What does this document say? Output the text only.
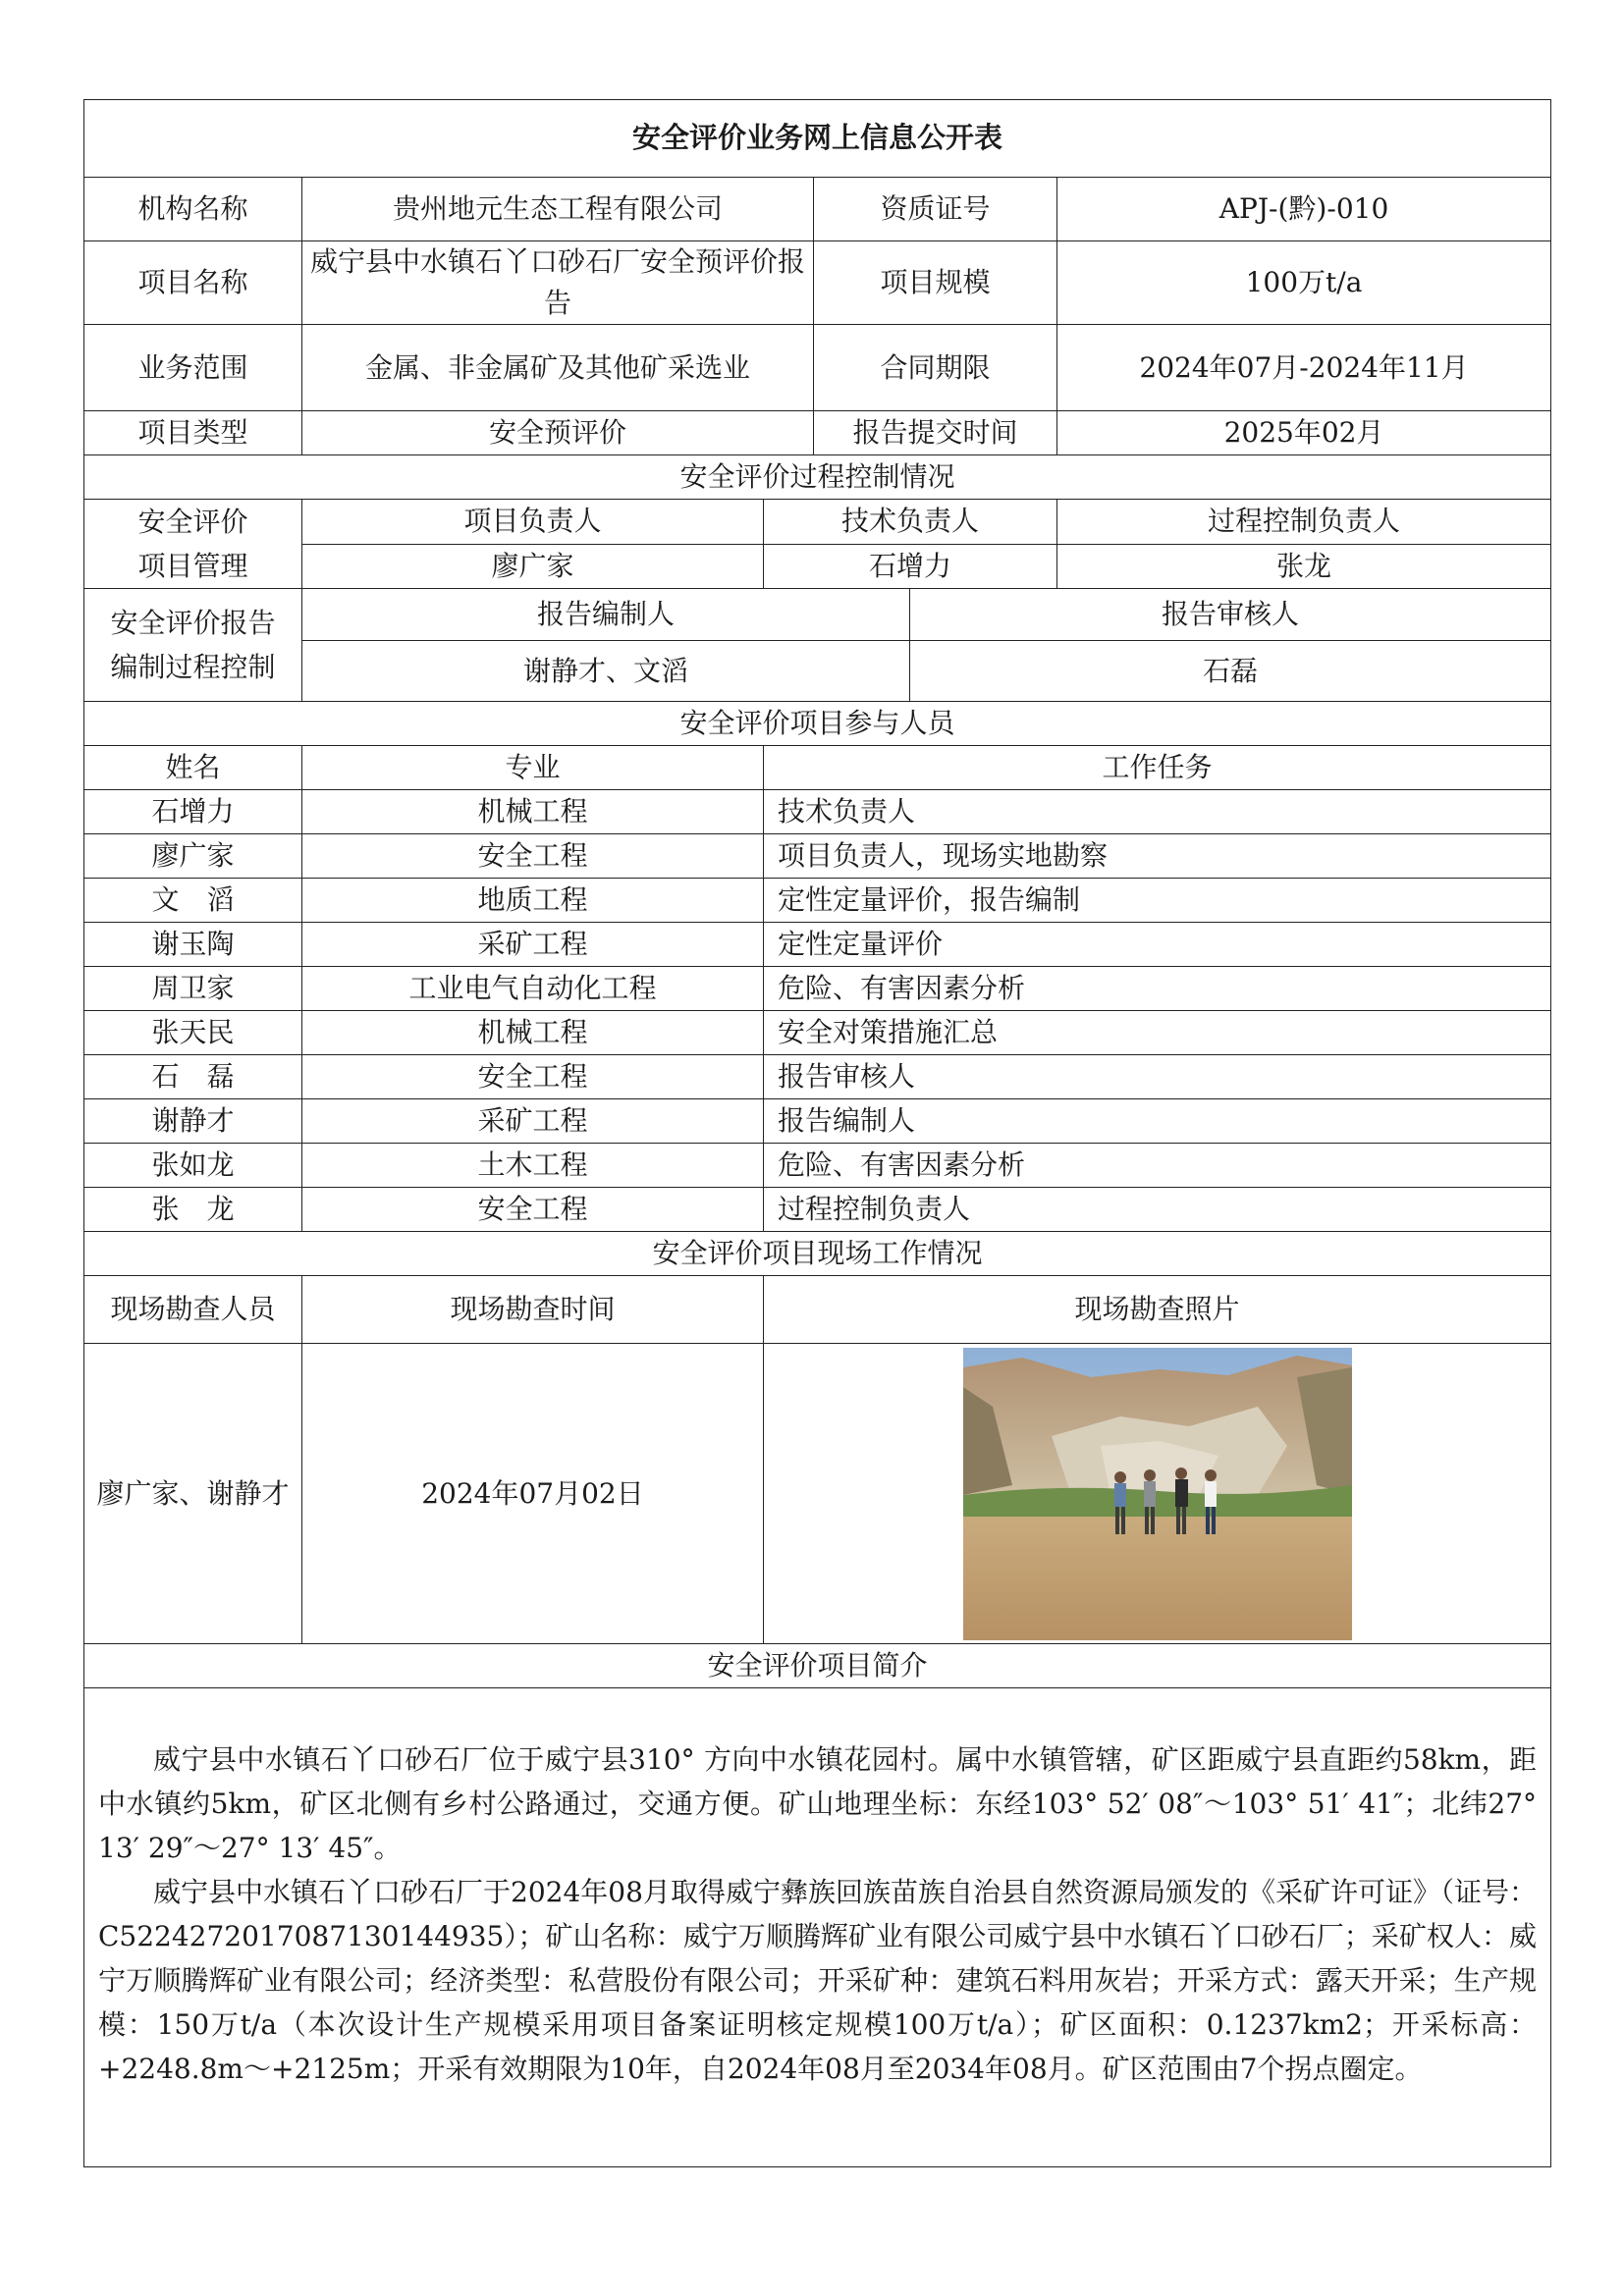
安全评价业务网上信息公开表					
机构名称	贵州地元生态工程有限公司		资质证号		APJ-(黔)-010
项目名称	威宁县中水镇石丫口砂石厂安全预评价报告		项目规模		100万t/a
业务范围	金属、非金属矿及其他矿采选业		合同期限		2024年07月-2024年11月
项目类型	安全预评价		报告提交时间		2025年02月
安全评价过程控制情况					
安全评价
项目管理	项目负责人	技术负责人			过程控制负责人
	廖广家	石增力			张龙
安全评价报告
编制过程控制	报告编制人			报告审核人	
	谢静才、文滔			石磊	
安全评价项目参与人员					
姓名	专业	工作任务			
石增力	机械工程	技术负责人			
廖广家	安全工程	项目负责人，现场实地勘察			
文　滔	地质工程	定性定量评价，报告编制			
谢玉陶	采矿工程	定性定量评价			
周卫家	工业电气自动化工程	危险、有害因素分析			
张天民	机械工程	安全对策措施汇总			
石　磊	安全工程	报告审核人			
谢静才	采矿工程	报告编制人			
张如龙	土木工程	危险、有害因素分析			
张　龙	安全工程	过程控制负责人			
安全评价项目现场工作情况					
现场勘查人员	现场勘查时间	现场勘查照片			
廖广家、谢静才	2024年07月02日	

安全评价项目简介					

威宁县中水镇石丫口砂石厂位于威宁县310° 方向中水镇花园村。属中水镇管辖，矿区距威宁县直距约58km，距中水镇约5km，矿区北侧有乡村公路通过，交通方便。矿山地理坐标：东经103° 52′ 08″～103° 51′ 41″；北纬27° 13′ 29″～27° 13′ 45″。

威宁县中水镇石丫口砂石厂于2024年08月取得威宁彝族回族苗族自治县自然资源局颁发的《采矿许可证》（证号：C5224272017087130144935）；矿山名称：威宁万顺腾辉矿业有限公司威宁县中水镇石丫口砂石厂；采矿权人：威宁万顺腾辉矿业有限公司；经济类型：私营股份有限公司；开采矿种：建筑石料用灰岩；开采方式：露天开采；生产规模：150万t/a（本次设计生产规模采用项目备案证明核定规模100万t/a）；矿区面积：0.1237km2；开采标高：+2248.8m～+2125m；开采有效期限为10年，自2024年08月至2034年08月。矿区范围由7个拐点圈定。					
